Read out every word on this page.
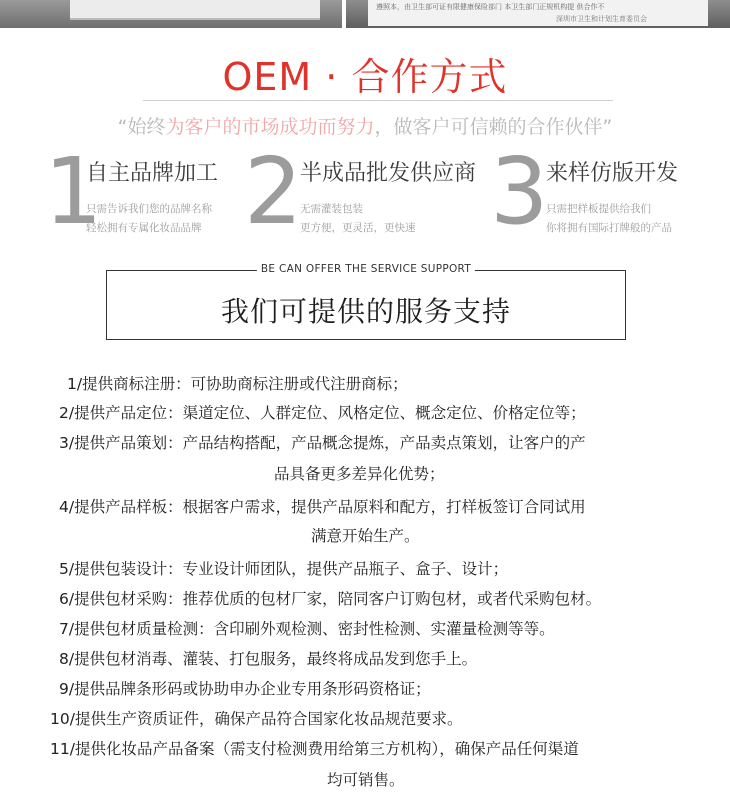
遵照本，由卫生部可证有限健康保险部门 本卫生部门正规机构提 供合作不
深圳市卫生和计划生育委员会
OEM · 合作方式
“始终为客户的市场成功而努力，做客户可信赖的合作伙伴”
1
自主品牌加工
只需告诉我们您的品牌名称
轻松拥有专属化妆品品牌 2
半成品批发供应商
无需灌装包装
更方便，更灵活，更快速 3
来样仿版开发
只需把样板提供给我们
你将拥有国际打牌般的产品
BE CAN OFFER THE SERVICE SUPPORT
我们可提供的服务支持
1/提供商标注册：可协助商标注册或代注册商标；
2/提供产品定位：渠道定位、人群定位、风格定位、概念定位、价格定位等；
3/提供产品策划：产品结构搭配，产品概念提炼，产品卖点策划，让客户的产
品具备更多差异化优势；
4/提供产品样板：根据客户需求，提供产品原料和配方，打样板签订合同试用
满意开始生产。
5/提供包装设计：专业设计师团队，提供产品瓶子、盒子、设计；
6/提供包材采购：推荐优质的包材厂家，陪同客户订购包材，或者代采购包材。
7/提供包材质量检测：含印刷外观检测、密封性检测、实灌量检测等等。
8/提供包材消毒、灌装、打包服务，最终将成品发到您手上。
9/提供品牌条形码或协助申办企业专用条形码资格证；
10/提供生产资质证件，确保产品符合国家化妆品规范要求。
11/提供化妆品产品备案（需支付检测费用给第三方机构），确保产品任何渠道
均可销售。
